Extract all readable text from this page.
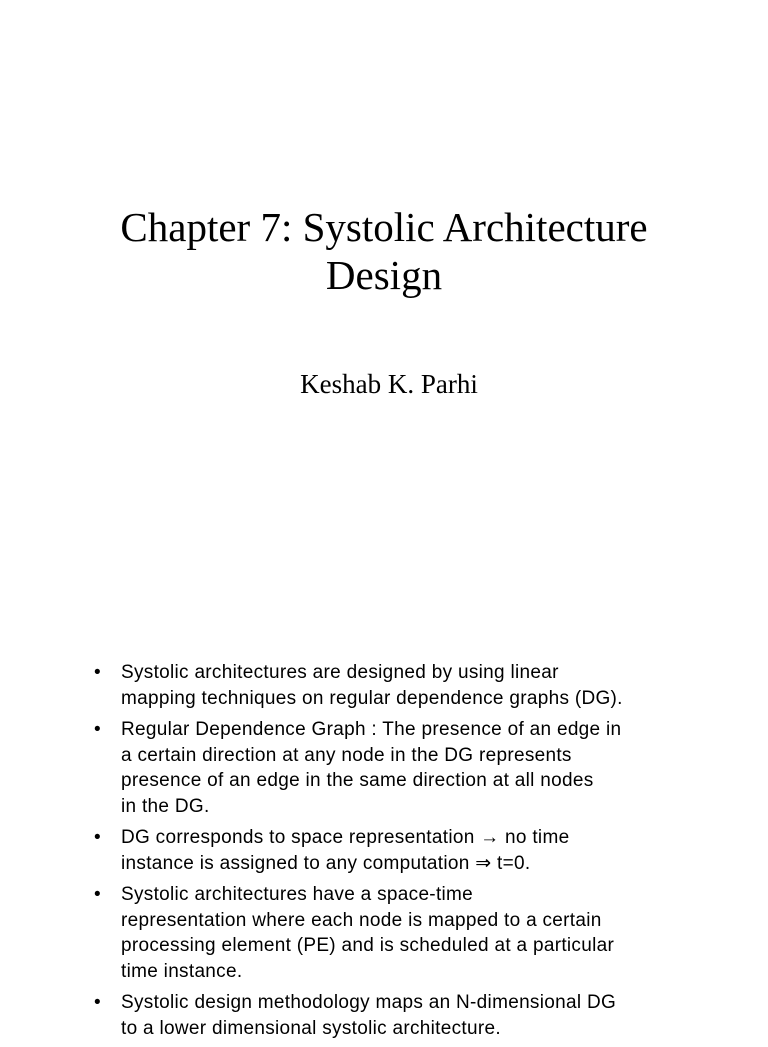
Chapter 7: Systolic Architecture
Design

Keshab K. Parhi

• Systolic architectures are designed by using linear
mapping techniques on regular dependence graphs (DG).
• Regular Dependence Graph : The presence of an edge in
a certain direction at any node in the DG represents
presence of an edge in the same direction at all nodes
in the DG.
• DG corresponds to space representation → no time
instance is assigned to any computation ⇒ t=0.
• Systolic architectures have a space-time
representation where each node is mapped to a certain
processing element (PE) and is scheduled at a particular
time instance.
• Systolic design methodology maps an N-dimensional DG
to a lower dimensional systolic architecture.
